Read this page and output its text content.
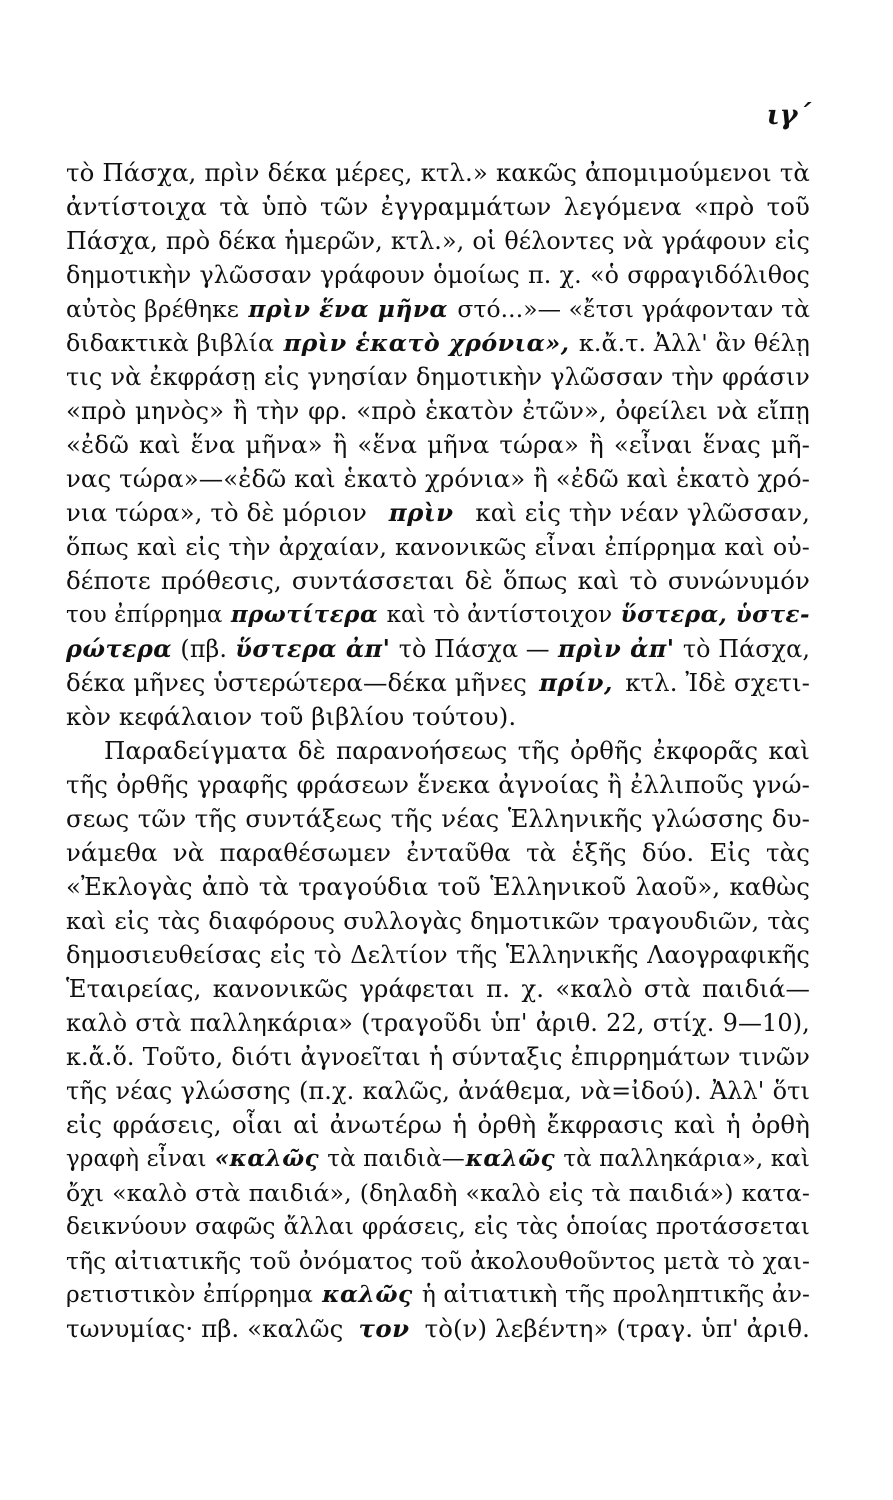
ιγ΄
τὸ Πάσχα, πρὶν δέκα μέρες, κτλ.» κακῶς ἀπομιμούμενοι τὰ
ἀντίστοιχα τὰ ὑπὸ τῶν ἐγγραμμάτων λεγόμενα «πρὸ τοῦ
Πάσχα, πρὸ δέκα ἡμερῶν, κτλ.», οἱ θέλοντες νὰ γράφουν εἰς
δημοτικὴν γλῶσσαν γράφουν ὁμοίως π. χ. «ὁ σφραγιδόλιθος
αὐτὸς βρέθηκε πρὶν ἕνα μῆνα στό...»— «ἔτσι γράφονταν τὰ
διδακτικὰ βιβλία πρὶν ἑκατὸ χρόνια», κ.ἄ.τ. Ἀλλ' ἂν θέλῃ
τις νὰ ἐκφράσῃ εἰς γνησίαν δημοτικὴν γλῶσσαν τὴν φράσιν
«πρὸ μηνὸς» ἢ τὴν φρ. «πρὸ ἑκατὸν ἐτῶν», ὀφείλει νὰ εἴπῃ
«ἐδῶ καὶ ἕνα μῆνα» ἢ «ἕνα μῆνα τώρα» ἢ «εἶναι ἕνας μῆ-
νας τώρα»—«ἐδῶ καὶ ἑκατὸ χρόνια» ἢ «ἐδῶ καὶ ἑκατὸ χρό-
νια τώρα», τὸ δὲ μόριον πρὶν καὶ εἰς τὴν νέαν γλῶσσαν,
ὅπως καὶ εἰς τὴν ἀρχαίαν, κανονικῶς εἶναι ἐπίρρημα καὶ οὐ-
δέποτε πρόθεσις, συντάσσεται δὲ ὅπως καὶ τὸ συνώνυμόν
του ἐπίρρημα πρωτίτερα καὶ τὸ ἀντίστοιχον ὕστερα, ὑστε-
ρώτερα (πβ. ὕστερα ἀπ' τὸ Πάσχα — πρὶν ἀπ' τὸ Πάσχα,
δέκα μῆνες ὑστερώτερα—δέκα μῆνες πρίν, κτλ. Ἰδὲ σχετι-
κὸν κεφάλαιον τοῦ βιβλίου τούτου).
Παραδείγματα δὲ παρανοήσεως τῆς ὀρθῆς ἐκφορᾶς καὶ
τῆς ὀρθῆς γραφῆς φράσεων ἕνεκα ἀγνοίας ἢ ἐλλιποῦς γνώ-
σεως τῶν τῆς συντάξεως τῆς νέας Ἑλληνικῆς γλώσσης δυ-
νάμεθα νὰ παραθέσωμεν ἐνταῦθα τὰ ἑξῆς δύο. Εἰς τὰς
«Ἐκλογὰς ἀπὸ τὰ τραγούδια τοῦ Ἑλληνικοῦ λαοῦ», καθὼς
καὶ εἰς τὰς διαφόρους συλλογὰς δημοτικῶν τραγουδιῶν, τὰς
δημοσιευθείσας εἰς τὸ Δελτίον τῆς Ἑλληνικῆς Λαογραφικῆς
Ἑταιρείας, κανονικῶς γράφεται π. χ. «καλὸ στὰ παιδιά—
καλὸ στὰ παλληκάρια» (τραγοῦδι ὑπ' ἀριθ. 22, στίχ. 9—10),
κ.ἄ.ὅ. Τοῦτο, διότι ἀγνοεῖται ἡ σύνταξις ἐπιρρημάτων τινῶν
τῆς νέας γλώσσης (π.χ. καλῶς, ἀνάθεμα, νὰ=ἰδού). Ἀλλ' ὅτι
εἰς φράσεις, οἷαι αἱ ἀνωτέρω ἡ ὀρθὴ ἔκφρασις καὶ ἡ ὀρθὴ
γραφὴ εἶναι «καλῶς τὰ παιδιὰ— καλῶς τὰ παλληκάρια», καὶ
ὄχι «καλὸ στὰ παιδιά», (δηλαδὴ «καλὸ εἰς τὰ παιδιά») κατα-
δεικνύουν σαφῶς ἄλλαι φράσεις, εἰς τὰς ὁποίας προτάσσεται
τῆς αἰτιατικῆς τοῦ ὀνόματος τοῦ ἀκολουθοῦντος μετὰ τὸ χαι-
ρετιστικὸν ἐπίρρημα καλῶς ἡ αἰτιατικὴ τῆς προληπτικῆς ἀν-
τωνυμίας· πβ. «καλῶς τον τὸ(ν) λεβέντη» (τραγ. ὑπ' ἀριθ.
